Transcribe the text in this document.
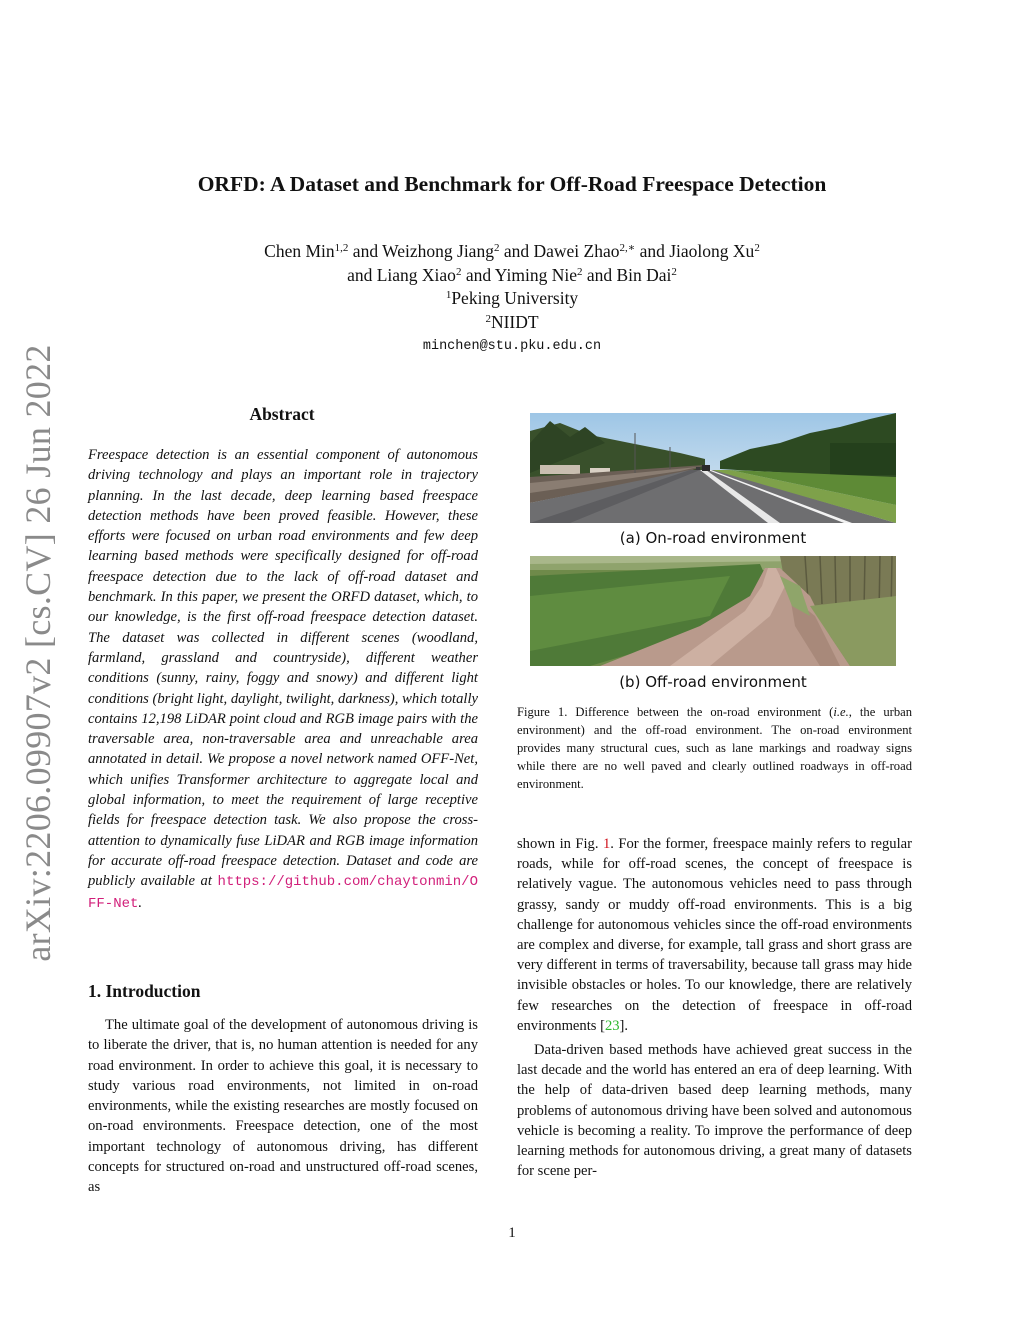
arXiv:2206.09907v2 [cs.CV] 26 Jun 2022
ORFD: A Dataset and Benchmark for Off-Road Freespace Detection
Chen Min$^{1,2}$ and Weizhong Jiang$^2$ and Dawei Zhao$^{2,∗}$ and Jiaolong Xu$^2$
and Liang Xiao$^2$ and Yiming Nie$^2$ and Bin Dai$^2$
$^1$Peking University
$^2$NIIDT
minchen@stu.pku.edu.cn
Abstract
Freespace detection is an essential component of autonomous driving technology and plays an important role in trajectory planning. In the last decade, deep learning based freespace detection methods have been proved feasible. However, these efforts were focused on urban road environments and few deep learning based methods were specifically designed for off-road freespace detection due to the lack of off-road dataset and benchmark. In this paper, we present the ORFD dataset, which, to our knowledge, is the first off-road freespace detection dataset. The dataset was collected in different scenes (woodland, farmland, grassland and countryside), different weather conditions (sunny, rainy, foggy and snowy) and different light conditions (bright light, daylight, twilight, darkness), which totally contains 12,198 LiDAR point cloud and RGB image pairs with the traversable area, non-traversable area and unreachable area annotated in detail. We propose a novel network named OFF-Net, which unifies Transformer architecture to aggregate local and global information, to meet the requirement of large receptive fields for freespace detection task. We also propose the cross-attention to dynamically fuse LiDAR and RGB image information for accurate off-road freespace detection. Dataset and code are publicly available at https://github.com/chaytonmin/OFF-Net.
1. Introduction
The ultimate goal of the development of autonomous driving is to liberate the driver, that is, no human attention is needed for any road environment. In order to achieve this goal, it is necessary to study various road environments, not limited in on-road environments, while the existing researches are mostly focused on on-road environments. Freespace detection, one of the most important technology of autonomous driving, has different concepts for structured on-road and unstructured off-road scenes, as
(a) On-road environment
(b) Off-road environment
Figure 1. Difference between the on-road environment (i.e., the urban environment) and the off-road environment. The on-road environment provides many structural cues, such as lane markings and roadway signs while there are no well paved and clearly outlined roadways in off-road environment.

shown in Fig. 1. For the former, freespace mainly refers to regular roads, while for off-road scenes, the concept of freespace is relatively vague. The autonomous vehicles need to pass through grassy, sandy or muddy off-road environments. This is a big challenge for autonomous vehicles since the off-road environments are complex and diverse, for example, tall grass and short grass are very different in terms of traversability, because tall grass may hide invisible obstacles or holes. To our knowledge, there are relatively few researches on the detection of freespace in off-road environments [23].

Data-driven based methods have achieved great success in the last decade and the world has entered an era of deep learning. With the help of data-driven based deep learning methods, many problems of autonomous driving have been solved and autonomous vehicle is becoming a reality. To improve the performance of deep learning methods for autonomous driving, a great many of datasets for scene per-

1
